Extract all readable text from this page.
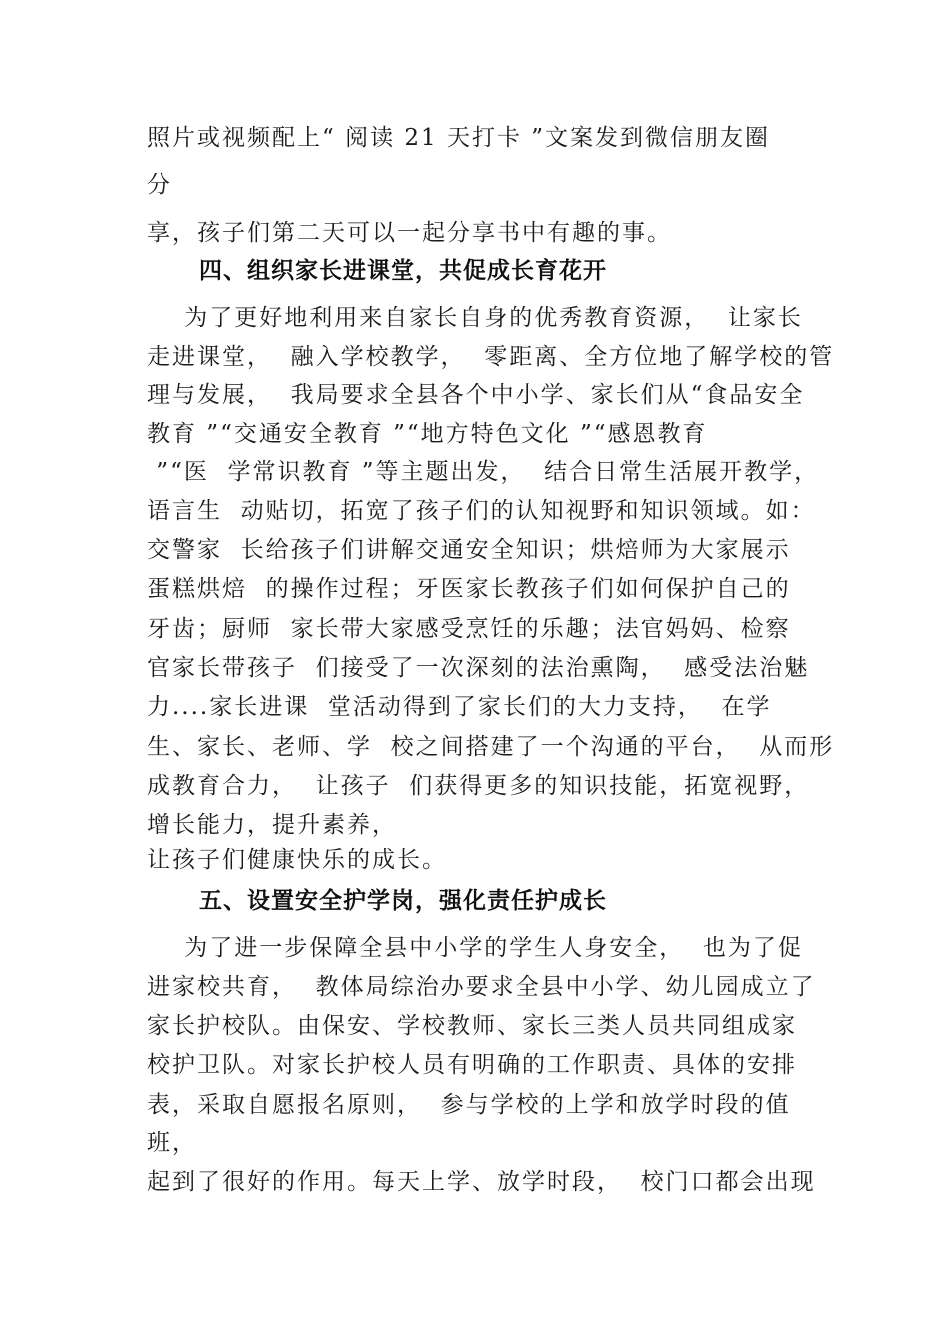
照片或视频配上“ 阅读 21 天打卡 ”文案发到微信朋友圈
分
享，孩子们第二天可以一起分享书中有趣的事。
四、组织家长进课堂，共促成长育花开
为了更好地利用来自家长自身的优秀教育资源，  让家长
走进课堂，  融入学校教学，  零距离、全方位地了解学校的管
理与发展，  我局要求全县各个中小学、家长们从“食品安全
教育 ”“交通安全教育 ”“地方特色文化 ”“感恩教育
”“医  学常识教育 ”等主题出发，  结合日常生活展开教学，
语言生  动贴切，拓宽了孩子们的认知视野和知识领域。如：
交警家  长给孩子们讲解交通安全知识；烘焙师为大家展示
蛋糕烘焙  的操作过程；牙医家长教孩子们如何保护自己的
牙齿；厨师  家长带大家感受烹饪的乐趣；法官妈妈、检察
官家长带孩子  们接受了一次深刻的法治熏陶，  感受法治魅
力....家长进课  堂活动得到了家长们的大力支持，  在学
生、家长、老师、学  校之间搭建了一个沟通的平台，  从而形
成教育合力，  让孩子  们获得更多的知识技能，拓宽视野，
增长能力，提升素养，
让孩子们健康快乐的成长。
五、设置安全护学岗，强化责任护成长
为了进一步保障全县中小学的学生人身安全，  也为了促
进家校共育，  教体局综治办要求全县中小学、幼儿园成立了
家长护校队。由保安、学校教师、家长三类人员共同组成家
校护卫队。对家长护校人员有明确的工作职责、具体的安排
表，采取自愿报名原则，  参与学校的上学和放学时段的值
班，
起到了很好的作用。每天上学、放学时段，  校门口都会出现
